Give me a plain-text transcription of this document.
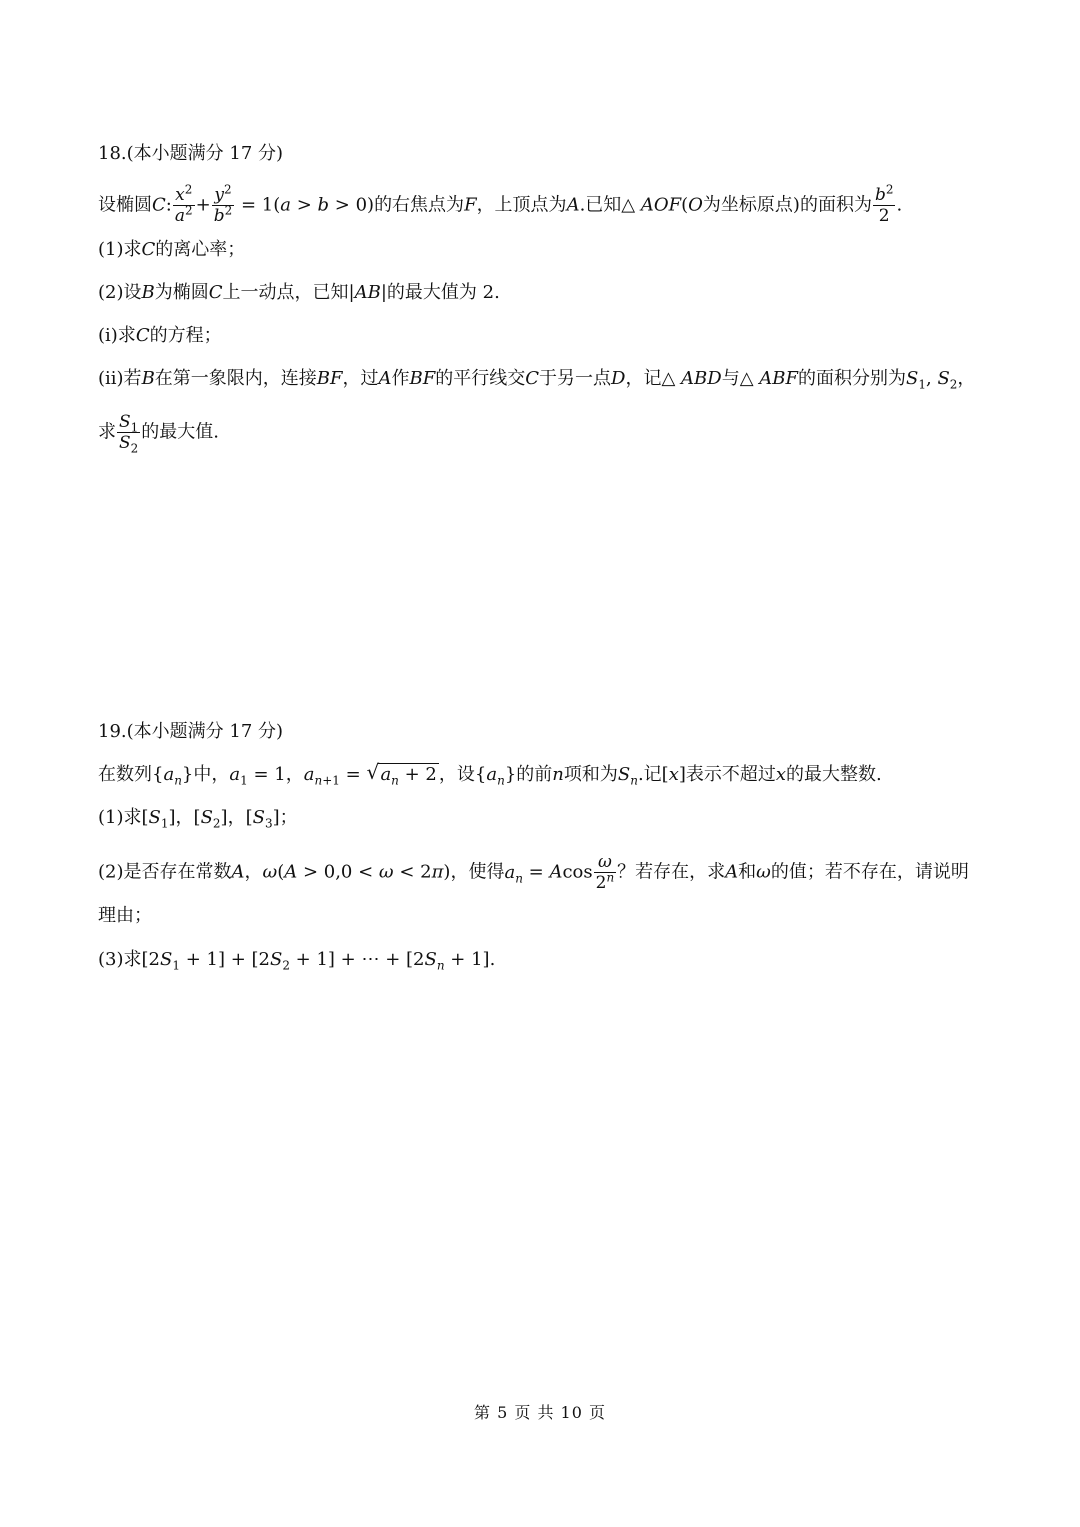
18.(本小题满分 17 分)
设椭圆C: $\frac{x^2}{a^2} + \frac{y^2}{b^2} = 1(a > b > 0)$的右焦点为F，上顶点为A.已知△ AOF(O为坐标原点)的面积为 $\frac{b^2}{2}$ .
(1)求C的离心率；
(2)设B为椭圆C上一动点，已知|AB|的最大值为 2.
(i)求C的方程；
(ii)若B在第一象限内，连接BF，过A作BF的平行线交C于另一点D，记△ ABD与△ ABF的面积分别为$S_1$, $S_2$，
求 $\frac{S_1}{S_2}$ 的最大值.
19.(本小题满分 17 分)
在数列$\{a_n\}$中，$a_1 = 1$，$a_{n+1}$ = √ $a_n + 2$ ，设$\{a_n\}$的前n项和为$S_n$.记[x]表示不超过x的最大整数.
(1)求$[S_1]$，$[S_2]$，$[S_3]$；
(2)是否存在常数A，ω(A > 0,0 < ω < 2π)，使得$a_n = Acos \frac{\omega}{2^n}$ ？若存在，求A和ω的值；若不存在，请说明
理由；
(3)求$[2S_1 + 1] + [2S_2 + 1]$ + ⋯ + $[2S_n + 1]$.
第 5 页 共 10 页
